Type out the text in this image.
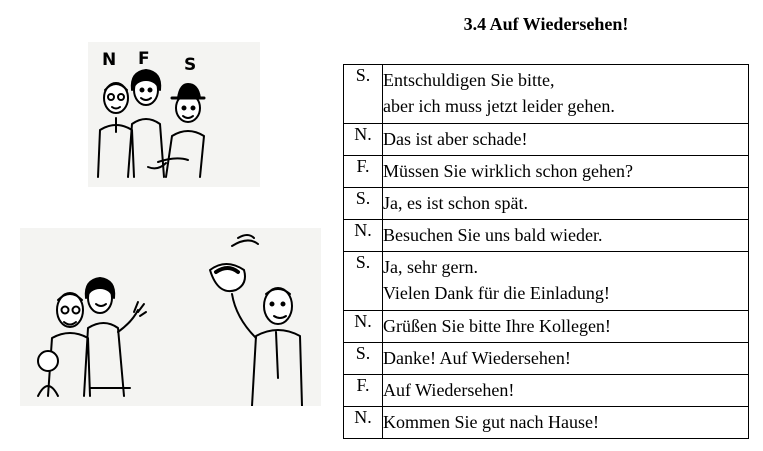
3.4 Auf Wiedersehen!
N F S	S.	Entschuldigen Sie bitte,
aber ich muss jetzt leider gehen.

N.	Das ist aber schade!

F.	Müssen Sie wirklich schon gehen?

S.	Ja, es ist schon spät.

N.	Besuchen Sie uns bald wieder.

S.	Ja, sehr gern.
Vielen Dank für die Einladung!

N.	Grüßen Sie bitte Ihre Kollegen!

S.	Danke! Auf Wiedersehen!

F.	Auf Wiedersehen!

N.	Kommen Sie gut nach Hause!
